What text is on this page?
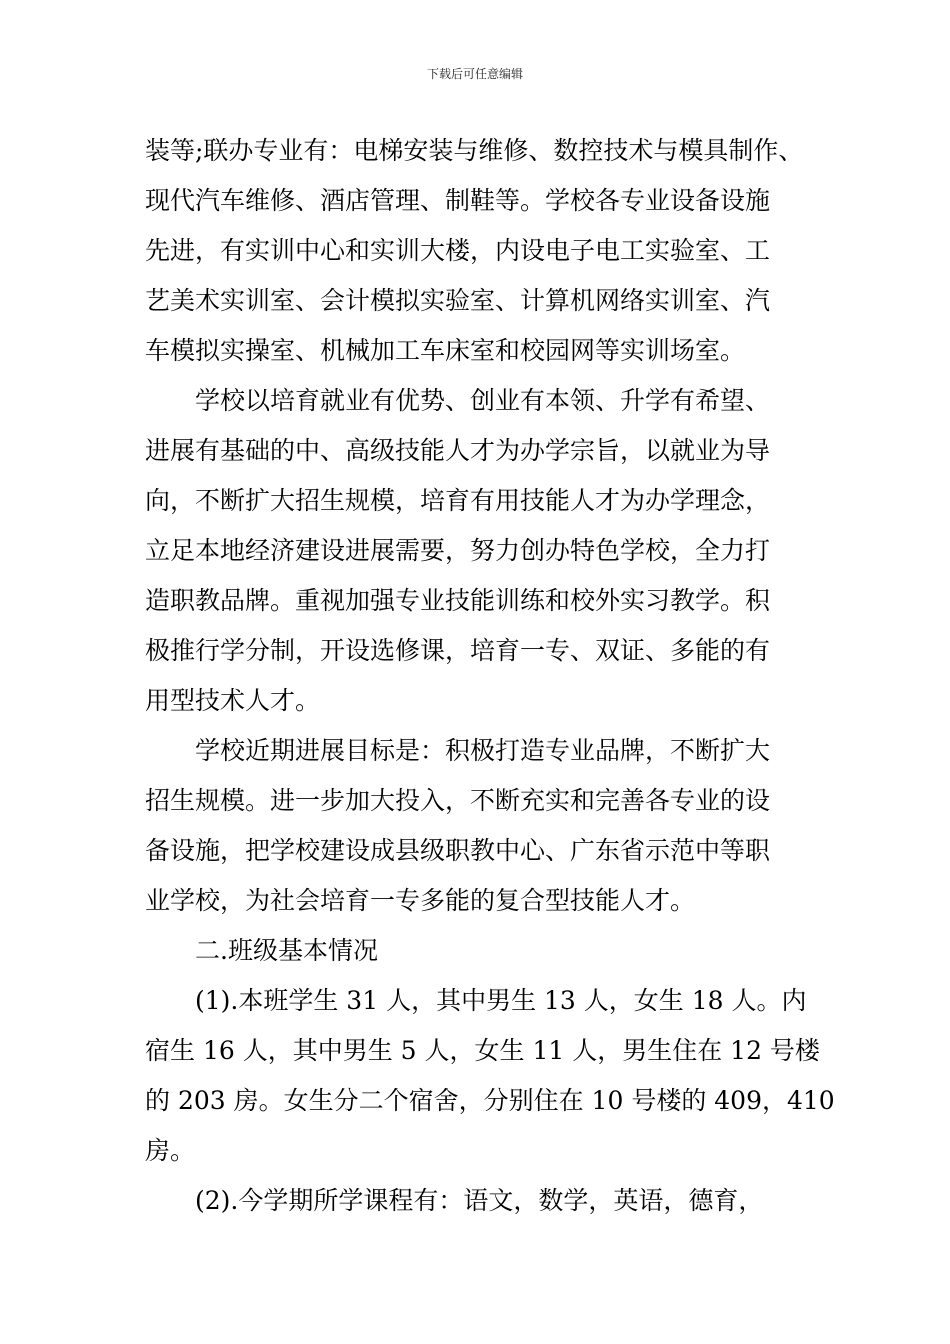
下载后可任意编辑
装等;联办专业有：电梯安装与维修、数控技术与模具制作、
现代汽车维修、酒店管理、制鞋等。学校各专业设备设施
先进，有实训中心和实训大楼，内设电子电工实验室、工
艺美术实训室、会计模拟实验室、计算机网络实训室、汽
车模拟实操室、机械加工车床室和校园网等实训场室。
学校以培育就业有优势、创业有本领、升学有希望、
进展有基础的中、高级技能人才为办学宗旨，以就业为导
向，不断扩大招生规模，培育有用技能人才为办学理念，
立足本地经济建设进展需要，努力创办特色学校，全力打
造职教品牌。重视加强专业技能训练和校外实习教学。积
极推行学分制，开设选修课，培育一专、双证、多能的有
用型技术人才。
学校近期进展目标是：积极打造专业品牌，不断扩大
招生规模。进一步加大投入，不断充实和完善各专业的设
备设施，把学校建设成县级职教中心、广东省示范中等职
业学校，为社会培育一专多能的复合型技能人才。
二.班级基本情况
(1).本班学生 31 人，其中男生 13 人，女生 18 人。内
宿生 16 人，其中男生 5 人，女生 11 人，男生住在 12 号楼
的 203 房。女生分二个宿舍，分别住在 10 号楼的 409，410
房。
(2).今学期所学课程有：语文，数学，英语，德育，
